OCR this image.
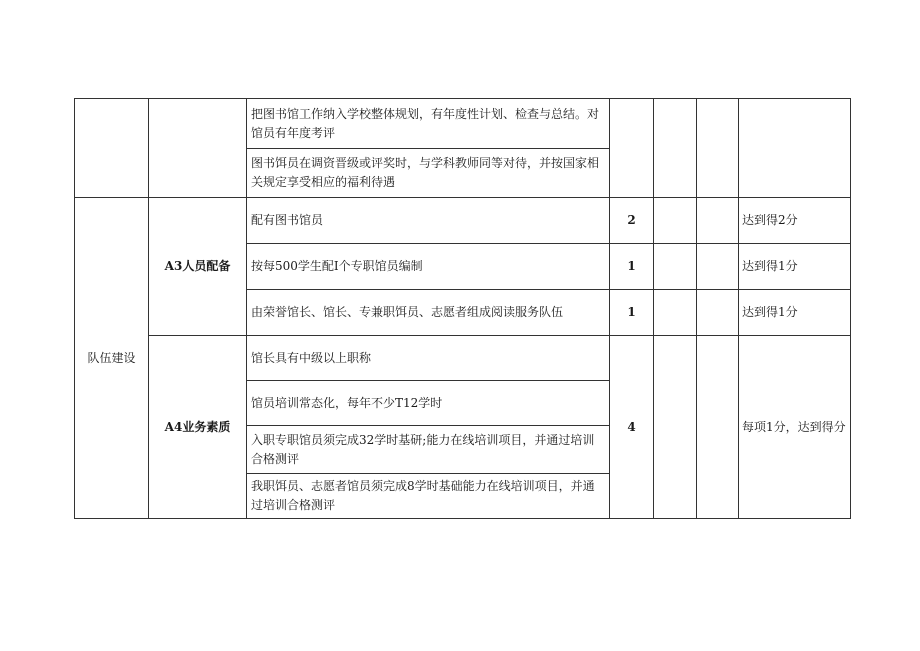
		把图书馆工作纳入学校整体规划，有年度性计划、检查与总结。对馆员有年度考评				

		图书饵员在调资晋级或评奖时，与学科教师同等对待，并按国家相关规定享受相应的福利待遇				

队伍建设	A3人员配备	配有图书馆员	2			达到得2分

		按每500学生配I个专职馆员编制	1			达到得1分

		由荣誉馆长、馆长、专兼职饵员、志愿者组成阅读服务队伍	1			达到得1分
	A4业务素质	馆长具有中级以上职称	4			每项1分，达到得分

		馆员培训常态化，每年不少T12学时				

		入职专职馆员须完成32学时基研;能力在线培训项目，并通过培训合格测评				

		我职饵员、志愿者馆员须完成8学时基础能力在线培训项目，并通过培训合格测评				
